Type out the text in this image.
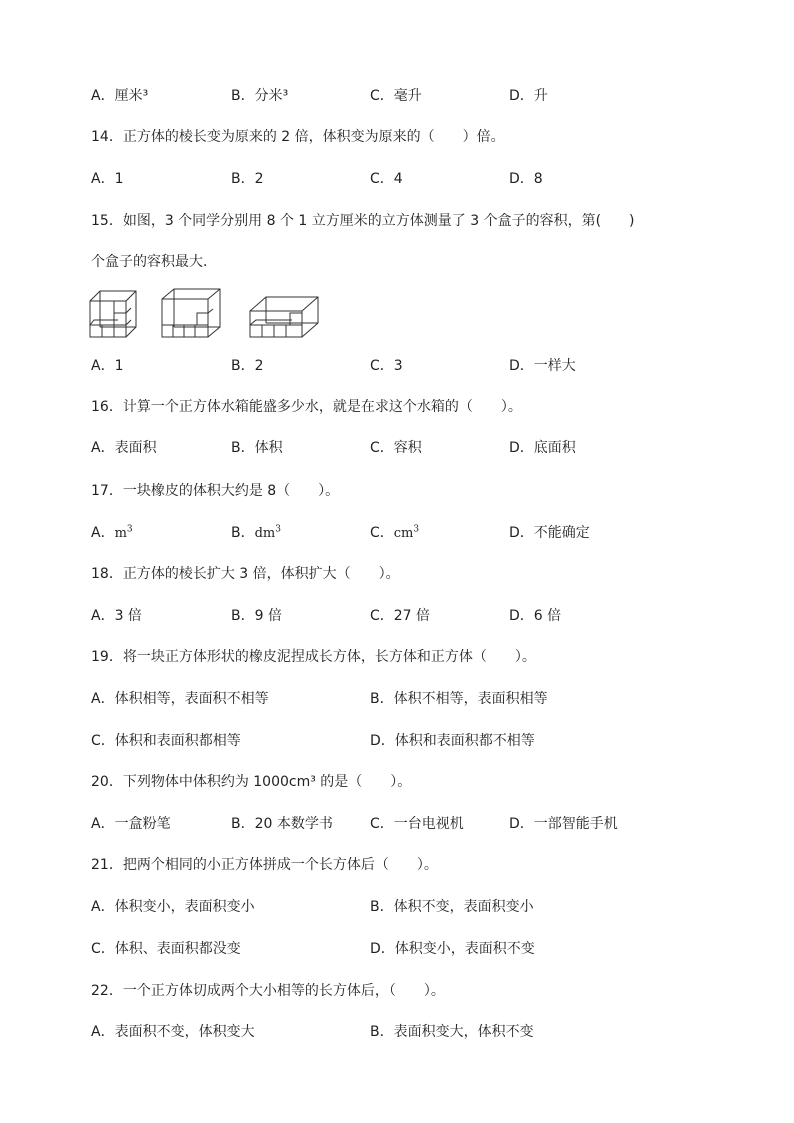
A．厘米³	B．分米³	C．毫升	D．升
14．正方体的棱长变为原来的 2 倍，体积变为原来的（　　）倍。
A．1	B．2	C．4	D．8
15．如图，3 个同学分别用 8 个 1 立方厘米的立方体测量了 3 个盒子的容积，第(　　)
个盒子的容积最大．
A．1	B．2	C．3	D．一样大
16．计算一个正方体水箱能盛多少水，就是在求这个水箱的（　　）。
A．表面积	B．体积	C．容积	D．底面积
17．一块橡皮的体积大约是 8（　　）。
A．$m^3$	B．$dm^3$	C．$cm^3$	D．不能确定
18．正方体的棱长扩大 3 倍，体积扩大（　　）。
A．3 倍	B．9 倍	C．27 倍	D．6 倍
19．将一块正方体形状的橡皮泥捏成长方体，长方体和正方体（　　）。
A．体积相等，表面积不相等	B．体积不相等，表面积相等
C．体积和表面积都相等	D．体积和表面积都不相等
20．下列物体中体积约为 1000cm³ 的是（　　）。
A．一盒粉笔	B．20 本数学书	C．一台电视机	D．一部智能手机
21．把两个相同的小正方体拼成一个长方体后（　　）。
A．体积变小，表面积变小	B．体积不变，表面积变小
C．体积、表面积都没变	D．体积变小，表面积不变
22．一个正方体切成两个大小相等的长方体后，（　　）。
A．表面积不变，体积变大	B．表面积变大，体积不变
